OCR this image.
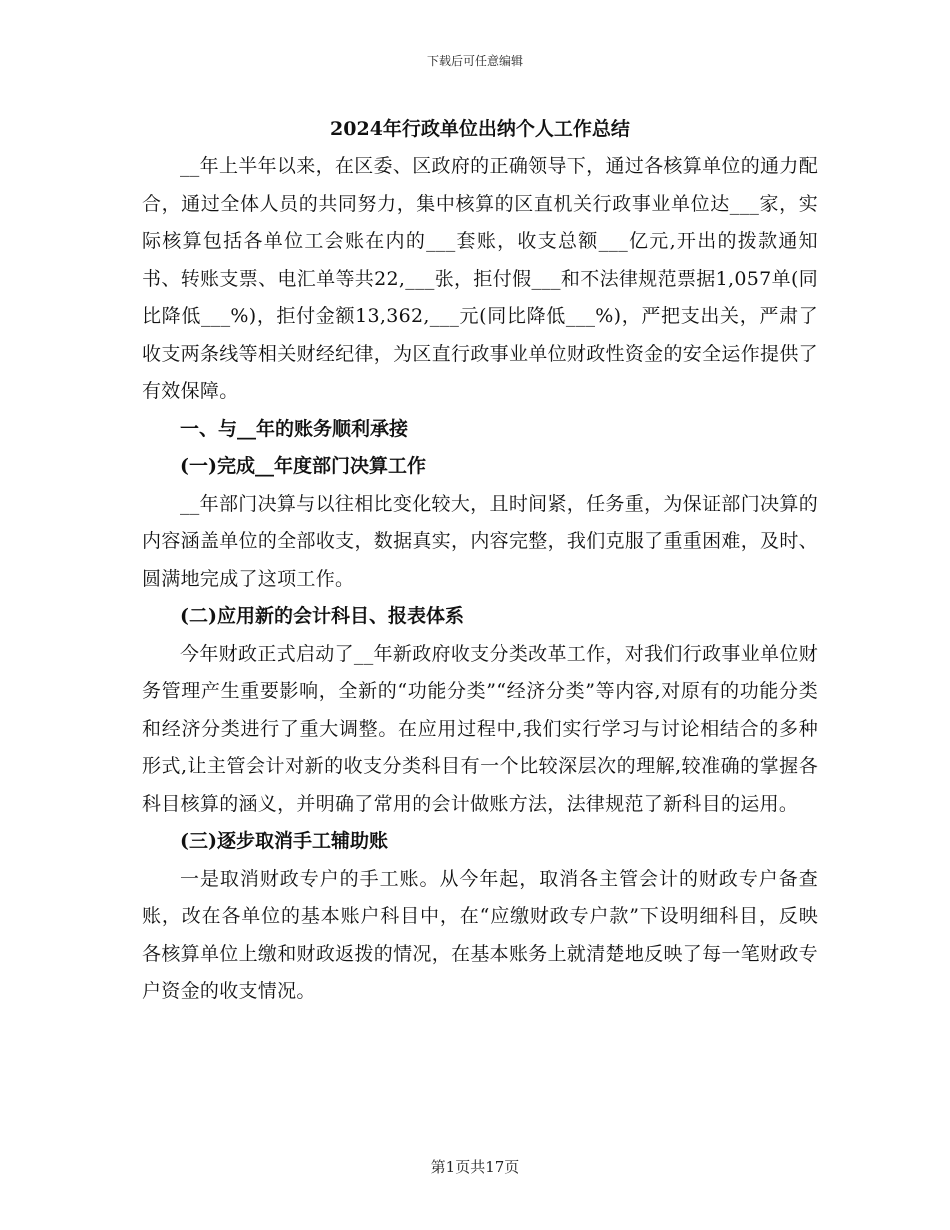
下载后可任意编辑
2024年行政单位出纳个人工作总结

__年上半年以来，在区委、区政府的正确领导下，通过各核算单位的通力配合，通过全体人员的共同努力，集中核算的区直机关行政事业单位达___家，实际核算包括各单位工会账在内的___套账，收支总额___亿元,开出的拨款通知书、转账支票、电汇单等共22,___张，拒付假___和不法律规范票据1,057单(同比降低___%)，拒付金额13,362,___元(同比降低___%)，严把支出关，严肃了收支两条线等相关财经纪律，为区直行政事业单位财政性资金的安全运作提供了有效保障。

一、与__年的账务顺利承接

(一)完成__年度部门决算工作

__年部门决算与以往相比变化较大，且时间紧，任务重，为保证部门决算的内容涵盖单位的全部收支，数据真实，内容完整，我们克服了重重困难，及时、圆满地完成了这项工作。

(二)应用新的会计科目、报表体系

今年财政正式启动了__年新政府收支分类改革工作，对我们行政事业单位财务管理产生重要影响，全新的“功能分类”“经济分类”等内容,对原有的功能分类和经济分类进行了重大调整。在应用过程中,我们实行学习与讨论相结合的多种形式,让主管会计对新的收支分类科目有一个比较深层次的理解,较准确的掌握各科目核算的涵义，并明确了常用的会计做账方法，法律规范了新科目的运用。

(三)逐步取消手工辅助账

一是取消财政专户的手工账。从今年起，取消各主管会计的财政专户备查账，改在各单位的基本账户科目中，在“应缴财政专户款”下设明细科目，反映各核算单位上缴和财政返拨的情况，在基本账务上就清楚地反映了每一笔财政专户资金的收支情况。

第1页共17页
